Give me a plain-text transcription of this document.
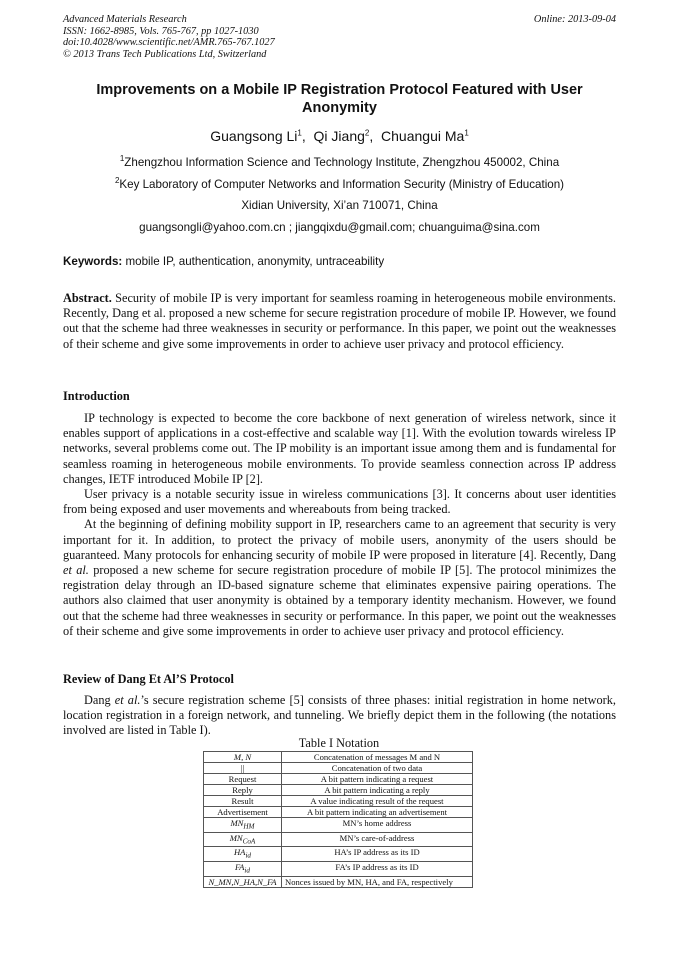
Advanced Materials Research
ISSN: 1662-8985, Vols. 765-767, pp 1027-1030
doi:10.4028/www.scientific.net/AMR.765-767.1027
© 2013 Trans Tech Publications Ltd, Switzerland
Online: 2013-09-04
Improvements on a Mobile IP Registration Protocol Featured with User
Anonymity
Guangsong Li$^1$,  Qi Jiang$^2$,  Chuangui Ma$^1$
$^1$Zhengzhou Information Science and Technology Institute, Zhengzhou 450002, China
$^2$Key Laboratory of Computer Networks and Information Security (Ministry of Education)
Xidian University, Xi’an 710071, China
guangsongli@yahoo.com.cn ; jiangqixdu@gmail.com; chuanguima@sina.com
Keywords: mobile IP, authentication, anonymity, untraceability

Abstract. Security of mobile IP is very important for seamless roaming in heterogeneous mobile environments. Recently, Dang et al. proposed a new scheme for secure registration procedure of mobile IP. However, we found out that the scheme had three weaknesses in security or performance. In this paper, we point out the weaknesses of their scheme and give some improvements in order to achieve user privacy and protocol efficiency.

Introduction

IP technology is expected to become the core backbone of next generation of wireless network, since it enables support of applications in a cost-effective and scalable way [1]. With the evolution towards wireless IP networks, several problems come out. The IP mobility is an important issue among them and is fundamental for seamless roaming in heterogeneous mobile environments. To provide seamless connection across IP address changes, IETF introduced Mobile IP [2].

User privacy is a notable security issue in wireless communications [3]. It concerns about user identities from being exposed and user movements and whereabouts from being tracked.

At the beginning of defining mobility support in IP, researchers came to an agreement that security is very important for it. In addition, to protect the privacy of mobile users, anonymity of the users should be guaranteed. Many protocols for enhancing security of mobile IP were proposed in literature [4]. Recently, Dang et al. proposed a new scheme for secure registration procedure of mobile IP [5]. The protocol minimizes the registration delay through an ID-based signature scheme that eliminates expensive pairing operations. The authors also claimed that user anonymity is obtained by a temporary identity mechanism. However, we found out that the scheme had three weaknesses in security or performance. In this paper, we point out the weaknesses of their scheme and give some improvements in order to achieve user privacy and protocol efficiency.

Review of Dang Et Al’S Protocol

Dang et al.’s secure registration scheme [5] consists of three phases: initial registration in home network, location registration in a foreign network, and tunneling. We briefly depict them in the following (the notations involved are listed in Table I).

Table I Notation
M, N	Concatenation of messages M and N
||	Concatenation of two data
Request	A bit pattern indicating a request
Reply	A bit pattern indicating a reply
Result	A value indicating result of the request
Advertisement	A bit pattern indicating an advertisement
$MN_{HM}$	MN’s home address
$MN_{CoA}$	MN’s care-of-address
$HA_{id}$	HA’s IP address as its ID
$FA_{id}$	FA’s IP address as its ID
N_MN,N_HA,N_FA	Nonces issued by MN, HA, and FA, respectively
